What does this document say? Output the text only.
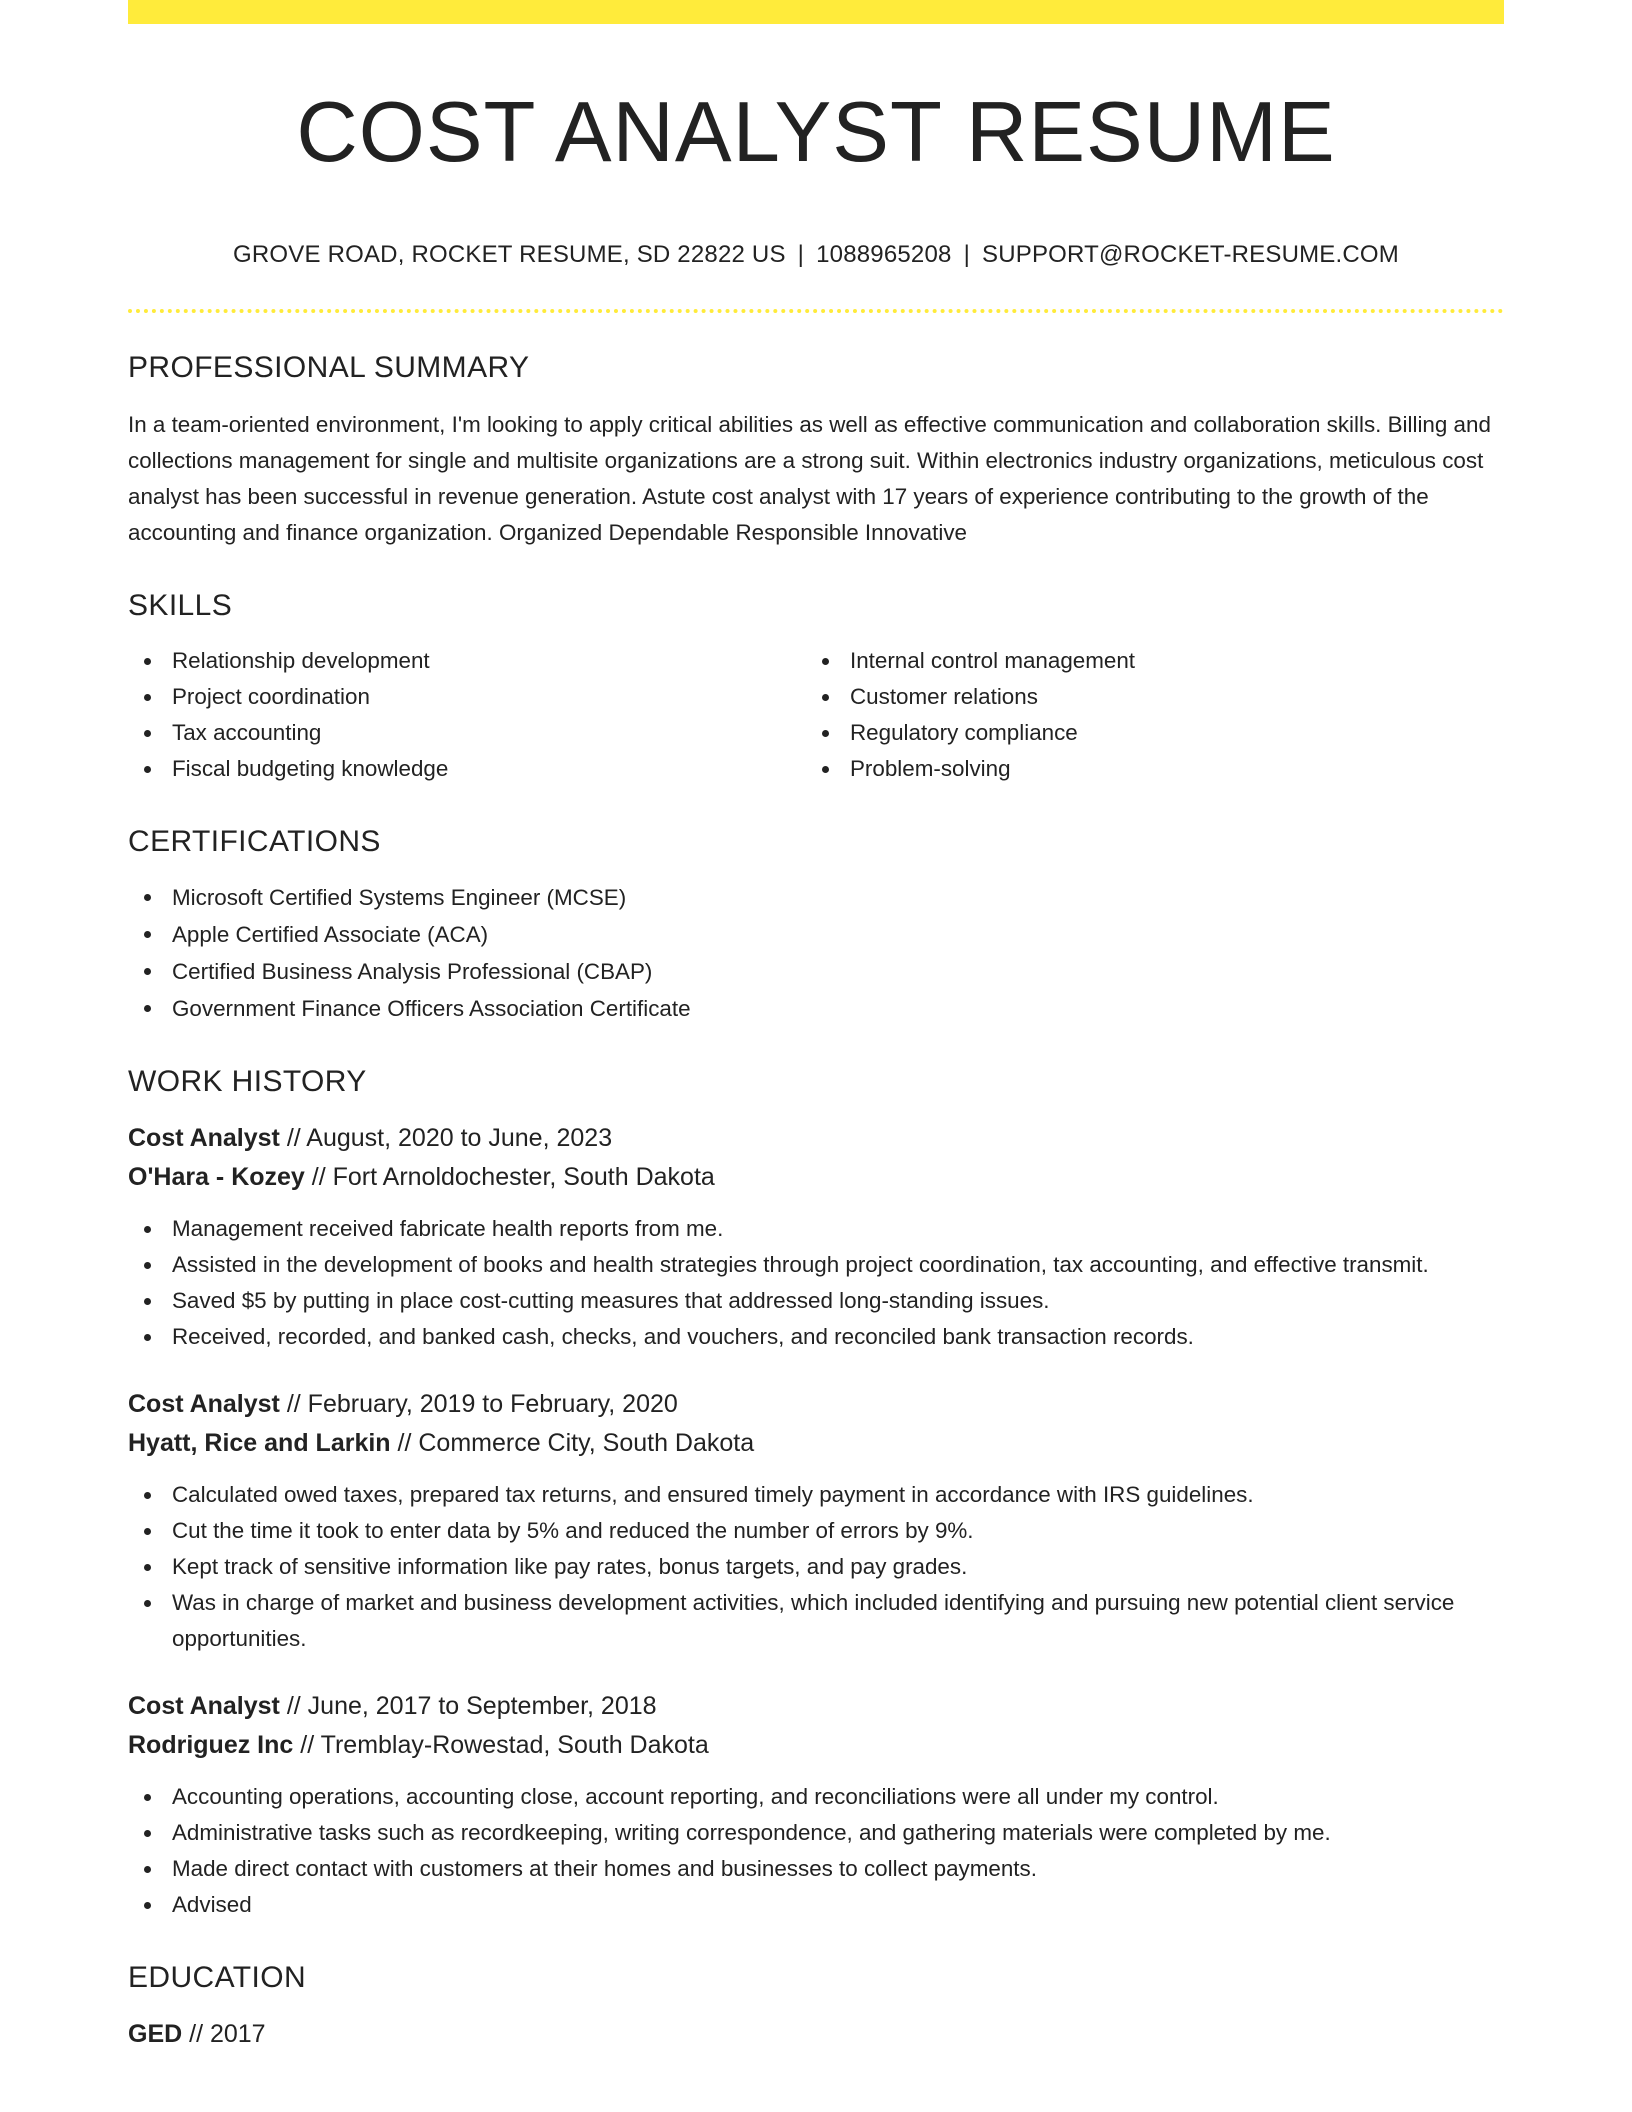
COST ANALYST RESUME
GROVE ROAD, ROCKET RESUME, SD 22822 US | 1088965208 | SUPPORT@ROCKET-RESUME.COM
PROFESSIONAL SUMMARY

In a team-oriented environment, I'm looking to apply critical abilities as well as effective communication and collaboration skills. Billing and collections management for single and multisite organizations are a strong suit. Within electronics industry organizations, meticulous cost analyst has been successful in revenue generation. Astute cost analyst with 17 years of experience contributing to the growth of the accounting and finance organization. Organized Dependable Responsible Innovative

SKILLS
Relationship development
Project coordination
Tax accounting
Fiscal budgeting knowledge
Internal control management
Customer relations
Regulatory compliance
Problem-solving
CERTIFICATIONS
Microsoft Certified Systems Engineer (MCSE)
Apple Certified Associate (ACA)
Certified Business Analysis Professional (CBAP)
Government Finance Officers Association Certificate
WORK HISTORY
Cost Analyst // August, 2020 to June, 2023
O'Hara - Kozey // Fort Arnoldochester, South Dakota
Management received fabricate health reports from me.
Assisted in the development of books and health strategies through project coordination, tax accounting, and effective transmit.
Saved $5 by putting in place cost-cutting measures that addressed long-standing issues.
Received, recorded, and banked cash, checks, and vouchers, and reconciled bank transaction records.
Cost Analyst // February, 2019 to February, 2020
Hyatt, Rice and Larkin // Commerce City, South Dakota
Calculated owed taxes, prepared tax returns, and ensured timely payment in accordance with IRS guidelines.
Cut the time it took to enter data by 5% and reduced the number of errors by 9%.
Kept track of sensitive information like pay rates, bonus targets, and pay grades.
Was in charge of market and business development activities, which included identifying and pursuing new potential client service opportunities.
Cost Analyst // June, 2017 to September, 2018
Rodriguez Inc // Tremblay-Rowestad, South Dakota
Accounting operations, accounting close, account reporting, and reconciliations were all under my control.
Administrative tasks such as recordkeeping, writing correspondence, and gathering materials were completed by me.
Made direct contact with customers at their homes and businesses to collect payments.
Advised
EDUCATION
GED // 2017
